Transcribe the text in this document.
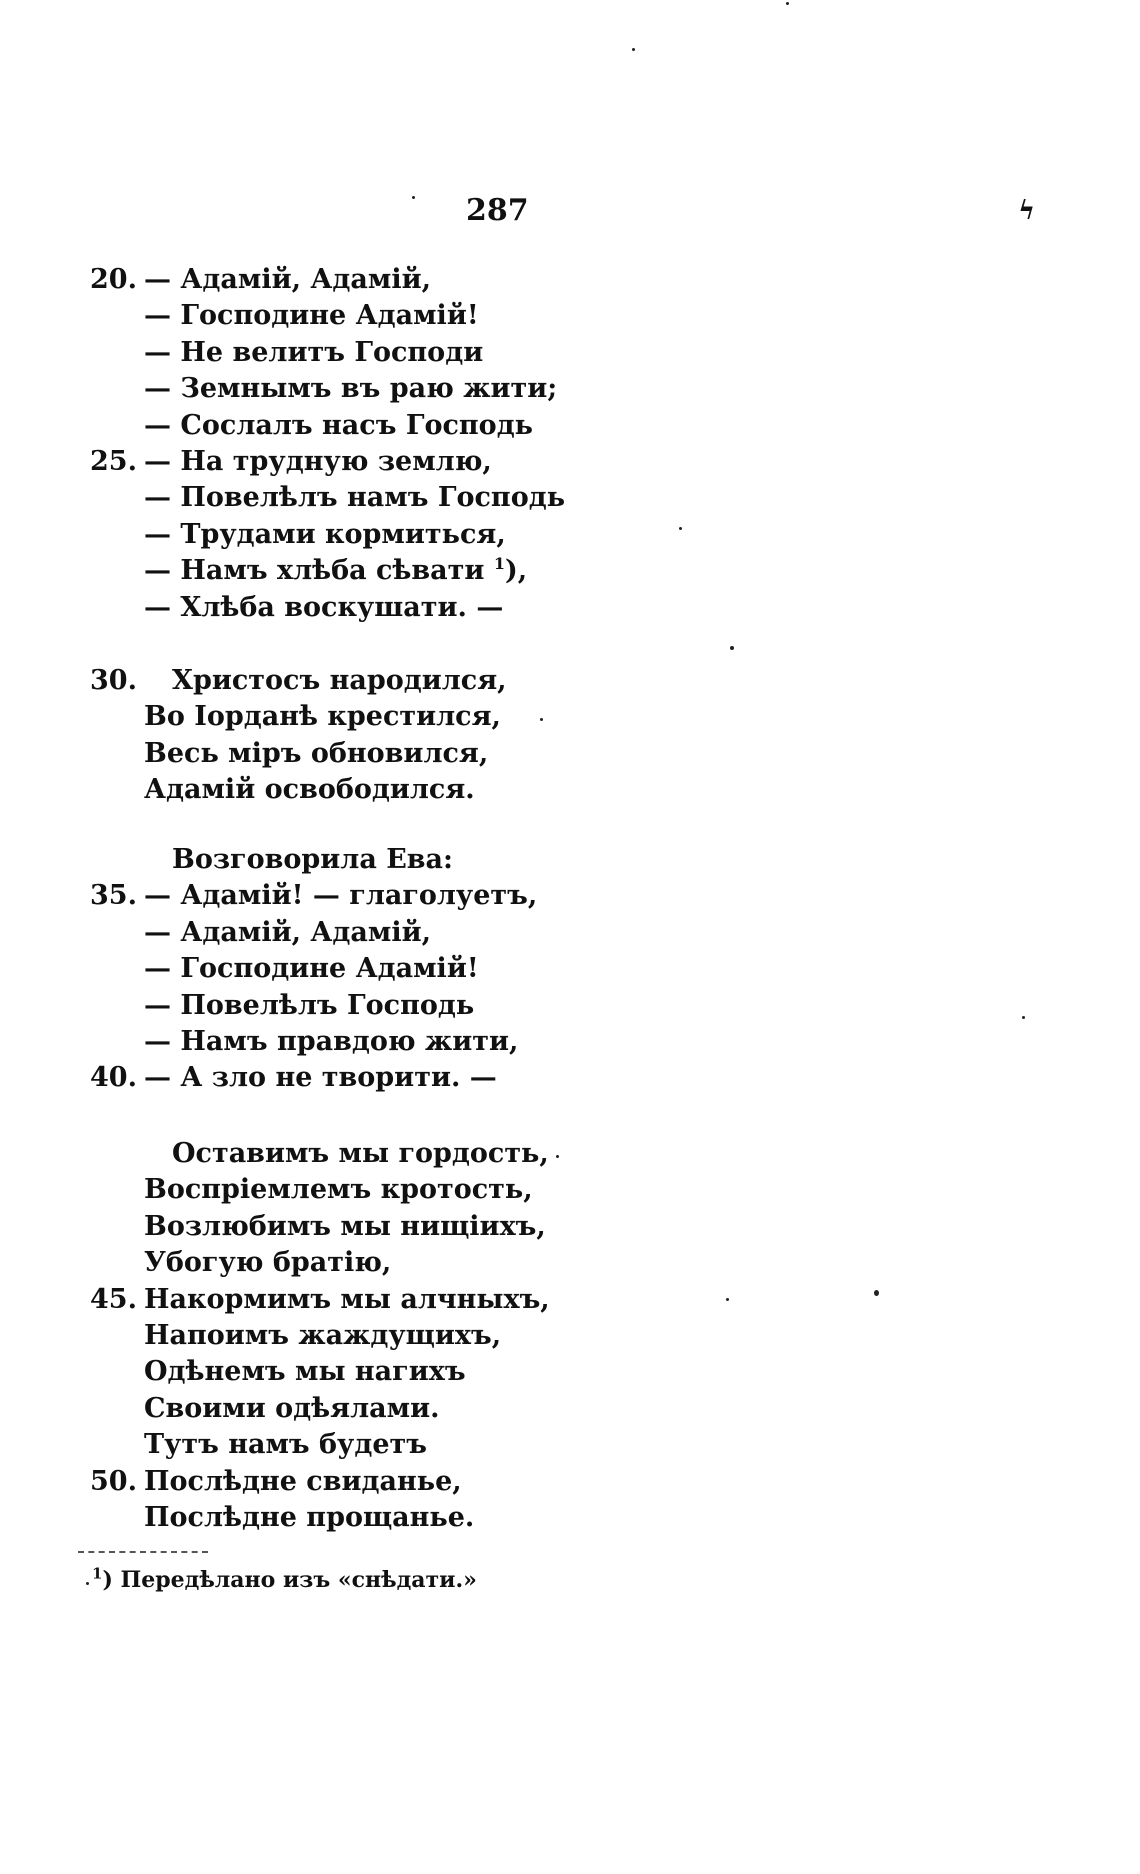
287	ϟ
20. — Адамій, Адамій,
— Господине Адамій!
— Не велитъ Господи
— Земнымъ въ раю жити;
— Сослалъ насъ Господь
25. — На трудную землю,
— Повелѣлъ намъ Господь
— Трудами кормиться,
— Намъ хлѣба сѣвати $^1$),
— Хлѣба воскушати. —
30. Христосъ народился,
Во Іорданѣ крестился,
Весь міръ обновился,
Адамій освободился.
Возговорила Ева:
35. — Адамій! — глаголуетъ,
— Адамій, Адамій,
— Господине Адамій!
— Повелѣлъ Господь
— Намъ правдою жити,
40. — А зло не творити. —
Оставимъ мы гордость,
Воспріемлемъ кротость,
Возлюбимъ мы нищіихъ,
Убогую братію,
45. Накормимъ мы алчныхъ,
Напоимъ жаждущихъ,
Одѣнемъ мы нагихъ
Своими одѣялами.
Тутъ намъ будетъ
50. Послѣдне свиданье,
Послѣдне прощанье.
$^1$) Передѣлано изъ «снѣдати.»
